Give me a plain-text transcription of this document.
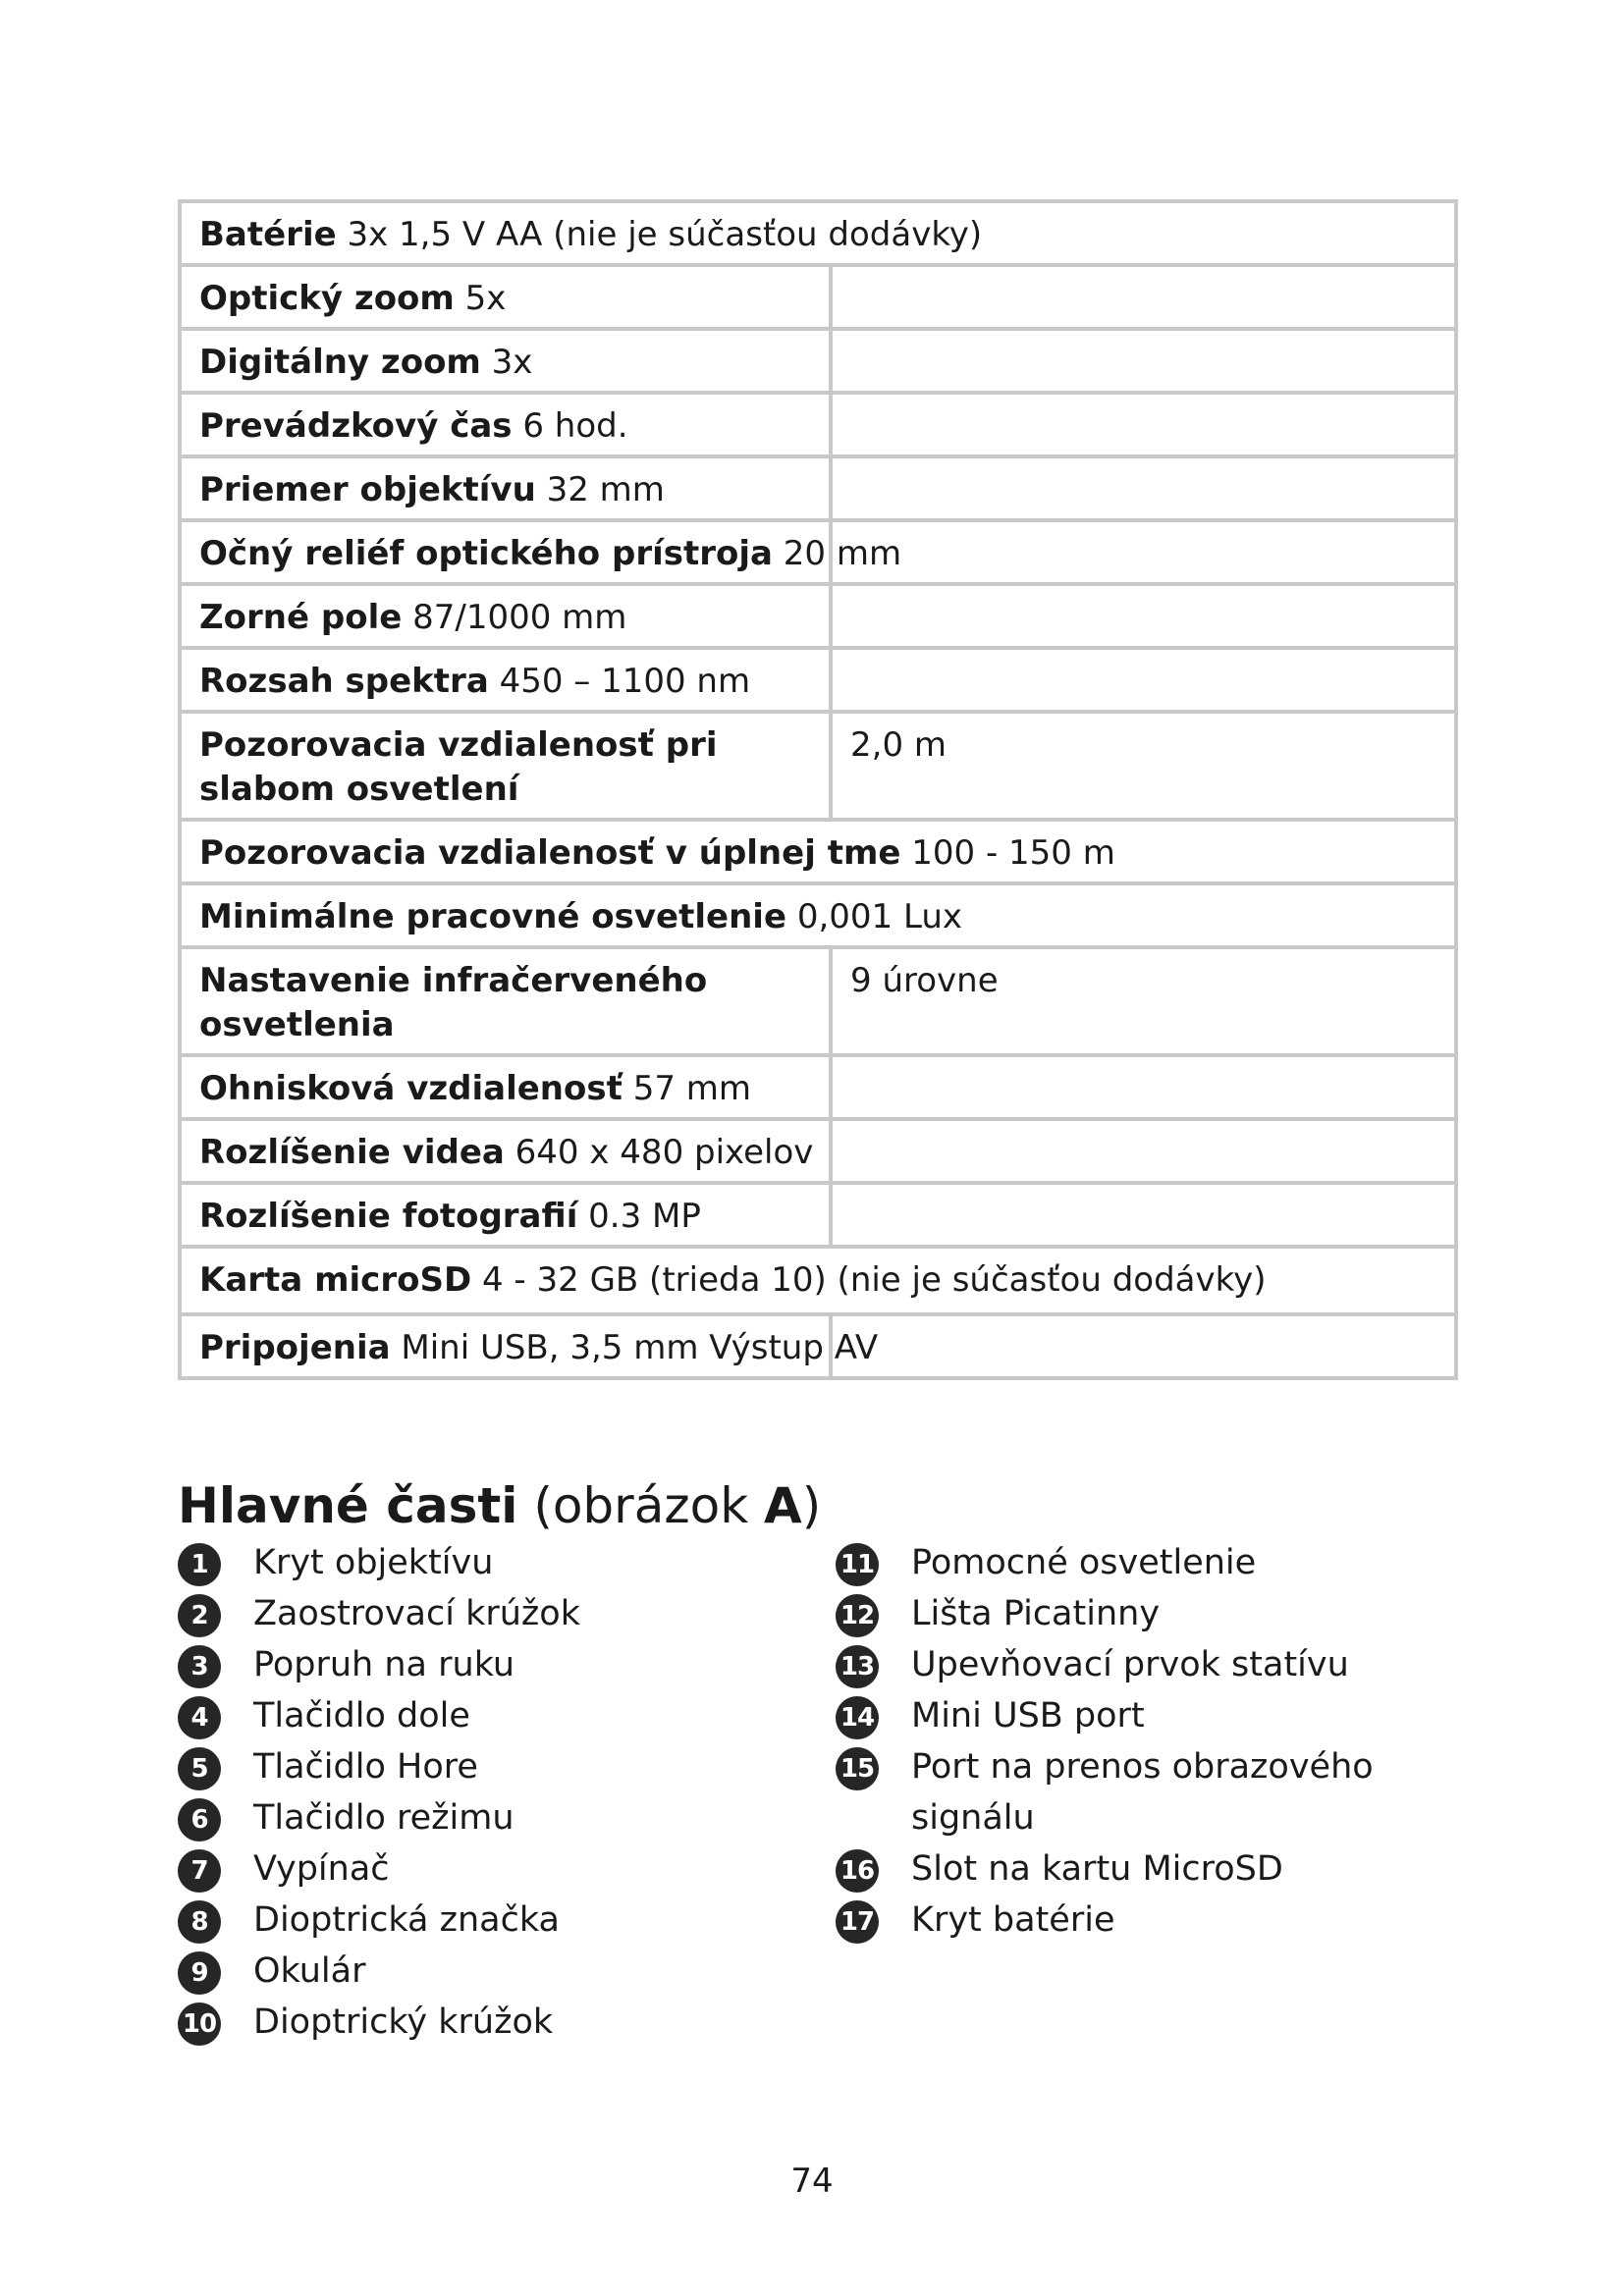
Batérie 3x 1,5 V AA (nie je súčasťou dodávky)	

Optický zoom 5x	

Digitálny zoom 3x	

Prevádzkový čas 6 hod.	

Priemer objektívu 32 mm	

Očný reliéf optického prístroja 20 mm	

Zorné pole 87/1000 mm	

Rozsah spektra 450 – 1100 nm	

Pozorovacia vzdialenosť pri slabom osvetlení	2,0 m

Pozorovacia vzdialenosť v úplnej tme 100 - 150 m	

Minimálne pracovné osvetlenie 0,001 Lux	

Nastavenie infračerveného osvetlenia	9 úrovne

Ohnisková vzdialenosť 57 mm	

Rozlíšenie videa 640 x 480 pixelov	

Rozlíšenie fotografií 0.3 MP	

Karta microSD 4 - 32 GB (trieda 10) (nie je súčasťou dodávky)	

Pripojenia Mini USB, 3,5 mm Výstup AV	

Hlavné časti (obrázok A)
1	Kryt objektívu
2	Zaostrovací krúžok
3	Popruh na ruku
4	Tlačidlo dole
5	Tlačidlo Hore
6	Tlačidlo režimu
7	Vypínač
8	Dioptrická značka
9	Okulár
10 Dioptrický krúžok
11 Pomocné osvetlenie
12 Lišta Picatinny
13 Upevňovací prvok statívu
14 Mini USB port
15 Port na prenos obrazového signálu
16 Slot na kartu MicroSD
17 Kryt batérie
74
